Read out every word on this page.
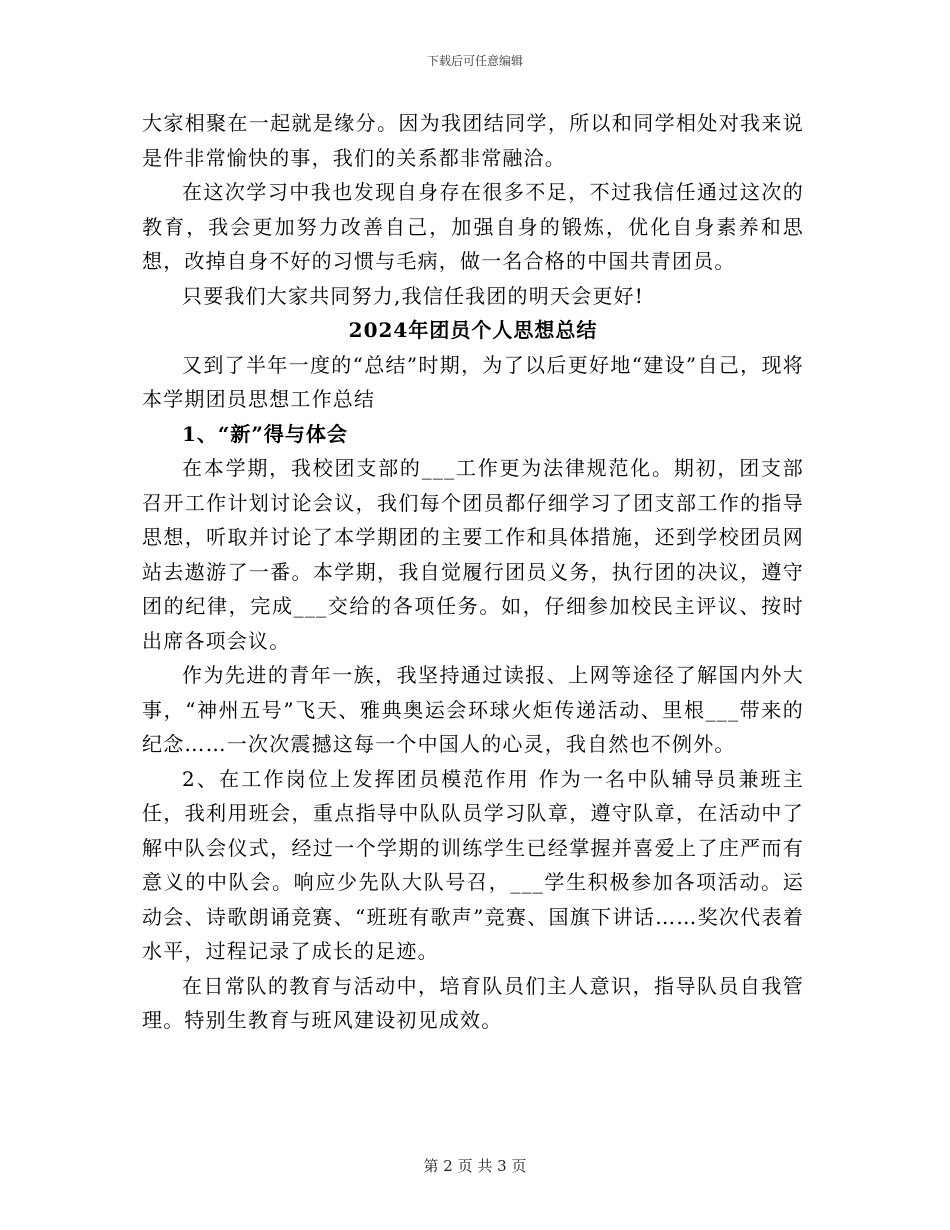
下载后可任意编辑

大家相聚在一起就是缘分。因为我团结同学，所以和同学相处对我来说是件非常愉快的事，我们的关系都非常融洽。

在这次学习中我也发现自身存在很多不足，不过我信任通过这次的教育，我会更加努力改善自己，加强自身的锻炼，优化自身素养和思想，改掉自身不好的习惯与毛病，做一名合格的中国共青团员。

只要我们大家共同努力,我信任我团的明天会更好!

2024年团员个人思想总结

又到了半年一度的“总结”时期，为了以后更好地“建设”自己，现将本学期团员思想工作总结

1、“新”得与体会

在本学期，我校团支部的___工作更为法律规范化。期初，团支部召开工作计划讨论会议，我们每个团员都仔细学习了团支部工作的指导思想，听取并讨论了本学期团的主要工作和具体措施，还到学校团员网站去遨游了一番。本学期，我自觉履行团员义务，执行团的决议，遵守团的纪律，完成___交给的各项任务。如，仔细参加校民主评议、按时出席各项会议。

作为先进的青年一族，我坚持通过读报、上网等途径了解国内外大事，“神州五号”飞天、雅典奥运会环球火炬传递活动、里根___带来的纪念……一次次震撼这每一个中国人的心灵，我自然也不例外。

2、在工作岗位上发挥团员模范作用 作为一名中队辅导员兼班主任，我利用班会，重点指导中队队员学习队章，遵守队章，在活动中了解中队会仪式，经过一个学期的训练学生已经掌握并喜爱上了庄严而有意义的中队会。响应少先队大队号召，___学生积极参加各项活动。运动会、诗歌朗诵竞赛、“班班有歌声”竞赛、国旗下讲话……奖次代表着水平，过程记录了成长的足迹。

在日常队的教育与活动中，培育队员们主人意识，指导队员自我管理。特别生教育与班风建设初见成效。

第 2 页 共 3 页
